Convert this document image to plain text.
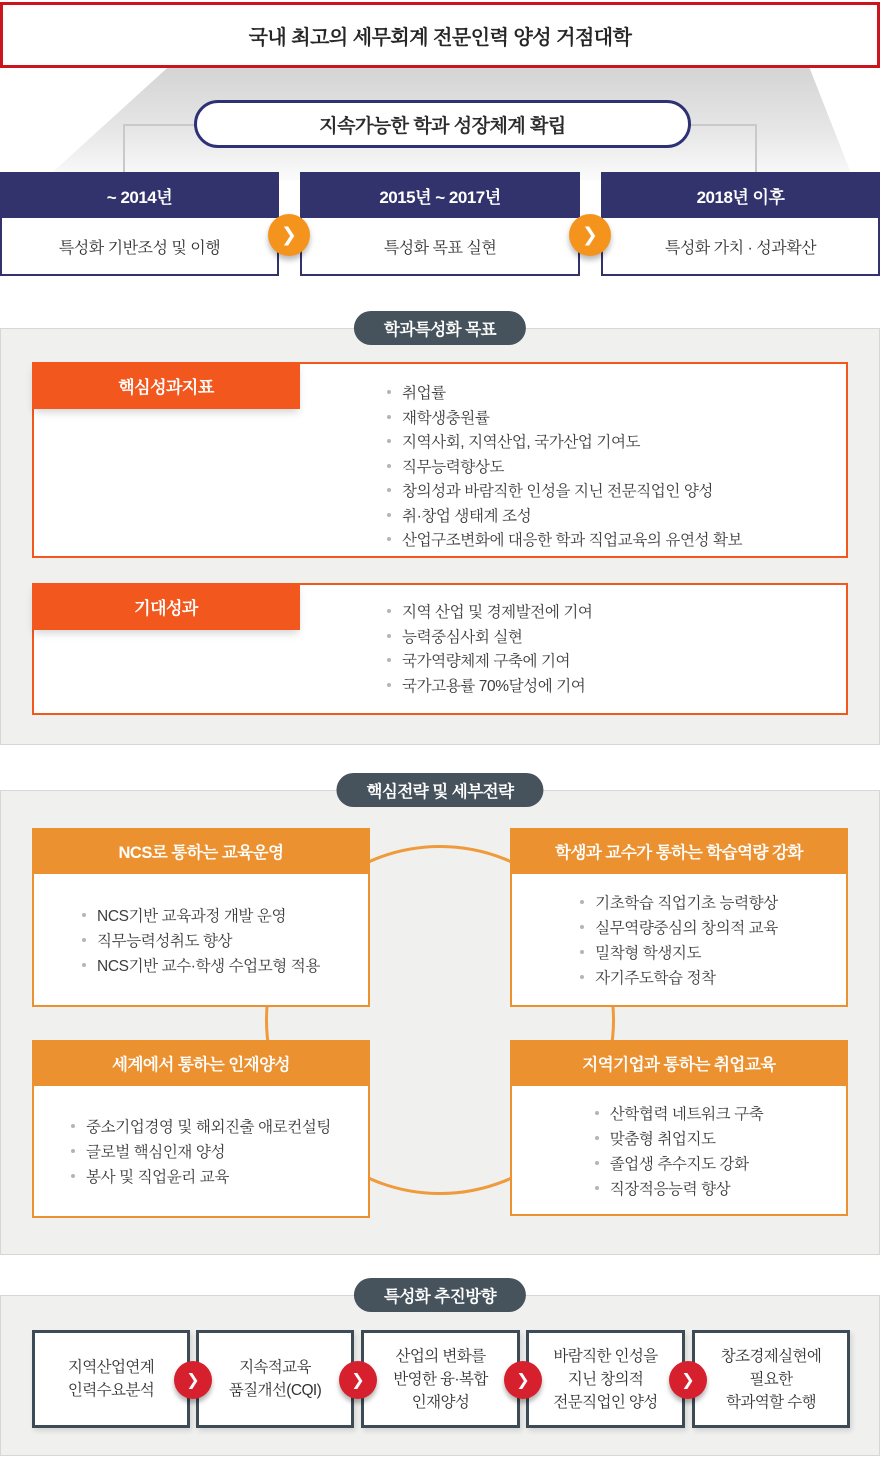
국내 최고의 세무회계 전문인력 양성 거점대학
지속가능한 학과 성장체계 확립
~ 2014년
특성화 기반조성 및 이행
2015년 ~ 2017년
특성화 목표 실현
2018년 이후
특성화 가치 · 성과확산
❯	❯
학과특성화 목표
핵심성과지표	취업률
재학생충원률
지역사회, 지역산업, 국가산업 기여도
직무능력향상도
창의성과 바람직한 인성을 지닌 전문직업인 양성
취·창업 생태계 조성
산업구조변화에 대응한 학과 직업교육의 유연성 확보
기대성과	지역 산업 및 경제발전에 기여
능력중심사회 실현
국가역량체제 구축에 기여
국가고용률 70%달성에 기여
핵심전략 및 세부전략
NCS로 통하는 교육운영
NCS기반 교육과정 개발 운영
직무능력성취도 향상
NCS기반 교수·학생 수업모형 적용
학생과 교수가 통하는 학습역량 강화
기초학습 직업기초 능력향상
실무역량중심의 창의적 교육
밀착형 학생지도
자기주도학습 정착
세계에서 통하는 인재양성
중소기업경영 및 해외진출 애로컨설팅
글로벌 핵심인재 양성
봉사 및 직업윤리 교육
지역기업과 통하는 취업교육
산학협력 네트워크 구축
맞춤형 취업지도
졸업생 추수지도 강화
직장적응능력 향상
특성화 추진방향
지역산업연계
인력수요분석
지속적교육
품질개선(CQI)
산업의 변화를
반영한 융·복합
인재양성
바람직한 인성을
지닌 창의적
전문직업인 양성
창조경제실현에
필요한
학과역할 수행
❯	❯	❯	❯
